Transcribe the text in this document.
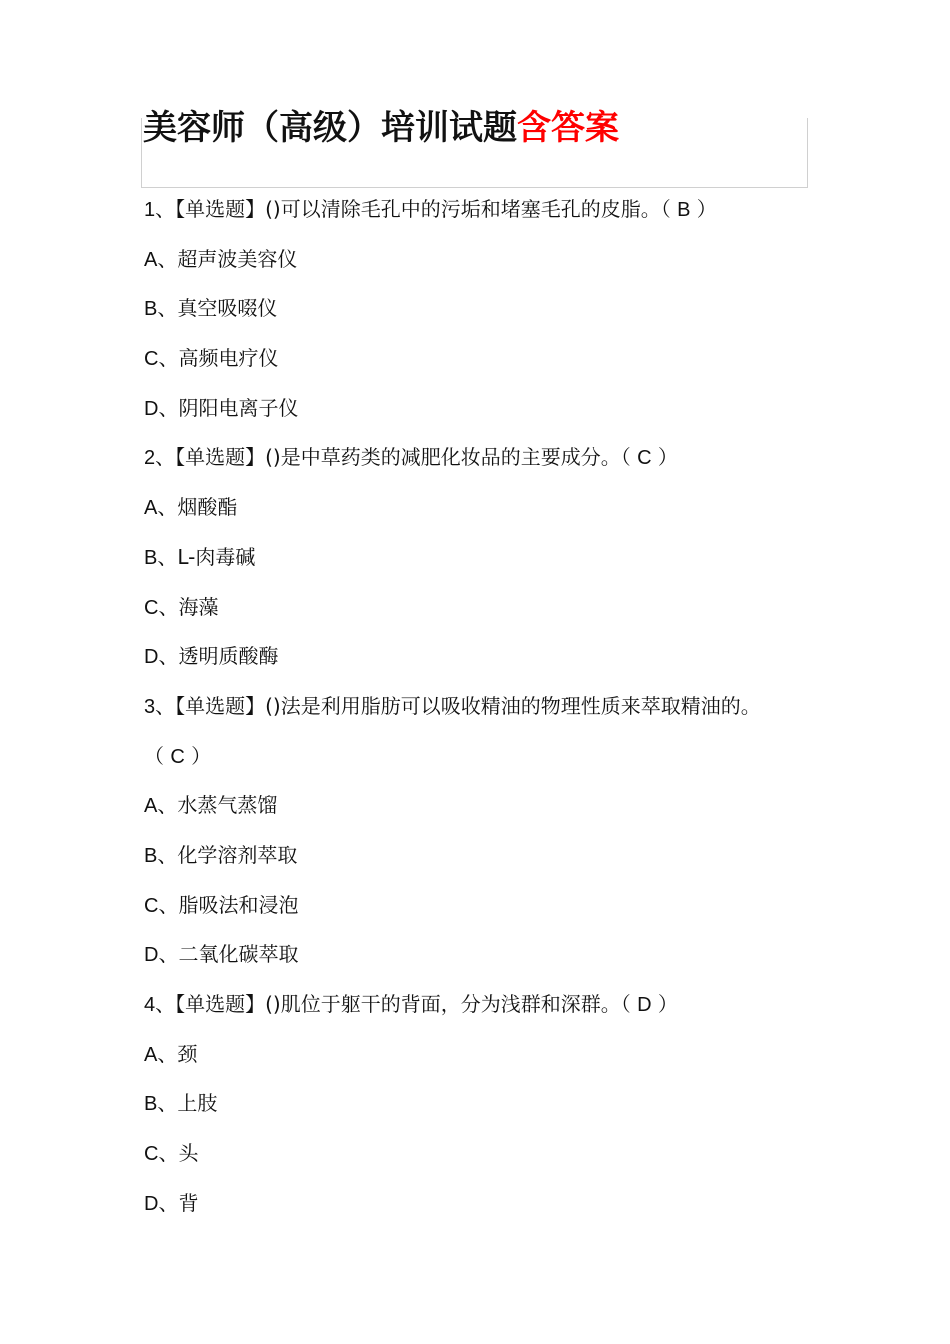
美容师（高级）培训试题含答案
1、【单选题】()可以清除毛孔中的污垢和堵塞毛孔的皮脂。（ B ）
A、超声波美容仪
B、真空吸啜仪
C、高频电疗仪
D、阴阳电离子仪
2、【单选题】()是中草药类的减肥化妆品的主要成分。（ C ）
A、烟酸酯
B、L-肉毒碱
C、海藻
D、透明质酸酶
3、【单选题】()法是利用脂肪可以吸收精油的物理性质来萃取精油的。
（ C ）
A、水蒸气蒸馏
B、化学溶剂萃取
C、脂吸法和浸泡
D、二氧化碳萃取
4、【单选题】()肌位于躯干的背面，分为浅群和深群。（ D ）
A、颈
B、上肢
C、头
D、背
